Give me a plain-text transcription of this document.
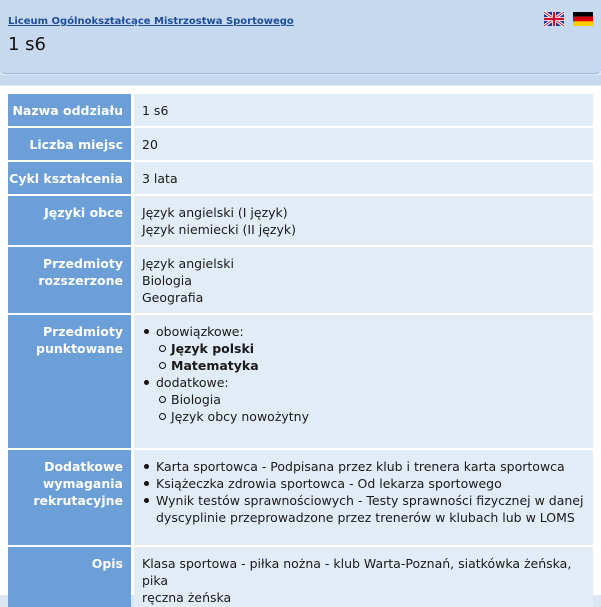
Liceum Ogólnokształcące Mistrzostwa Sportowego
1 s6
Nazwa oddziału 1 s6
Liczba miejsc 20
Cykl kształcenia 3 lata
Języki obce Język angielski (I język)
Język niemiecki (II język)
Przedmioty
rozszerzone
Język angielski
Biologia
Geografia
Przedmioty
punktowane
obowiązkowe:
Język polski
Matematyka
dodatkowe:
Biologia
Język obcy nowożytny
Dodatkowe
wymagania
rekrutacyjne
Karta sportowca - Podpisana przez klub i trenera karta sportowca
Książeczka zdrowia sportowca - Od lekarza sportowego
Wynik testów sprawnościowych - Testy sprawności fizycznej w danej
dyscyplinie przeprowadzone przez trenerów w klubach lub w LOMS
Opis Klasa sportowa - piłka nożna - klub Warta-Poznań, siatkówka żeńska, pika
ręczna żeńska
